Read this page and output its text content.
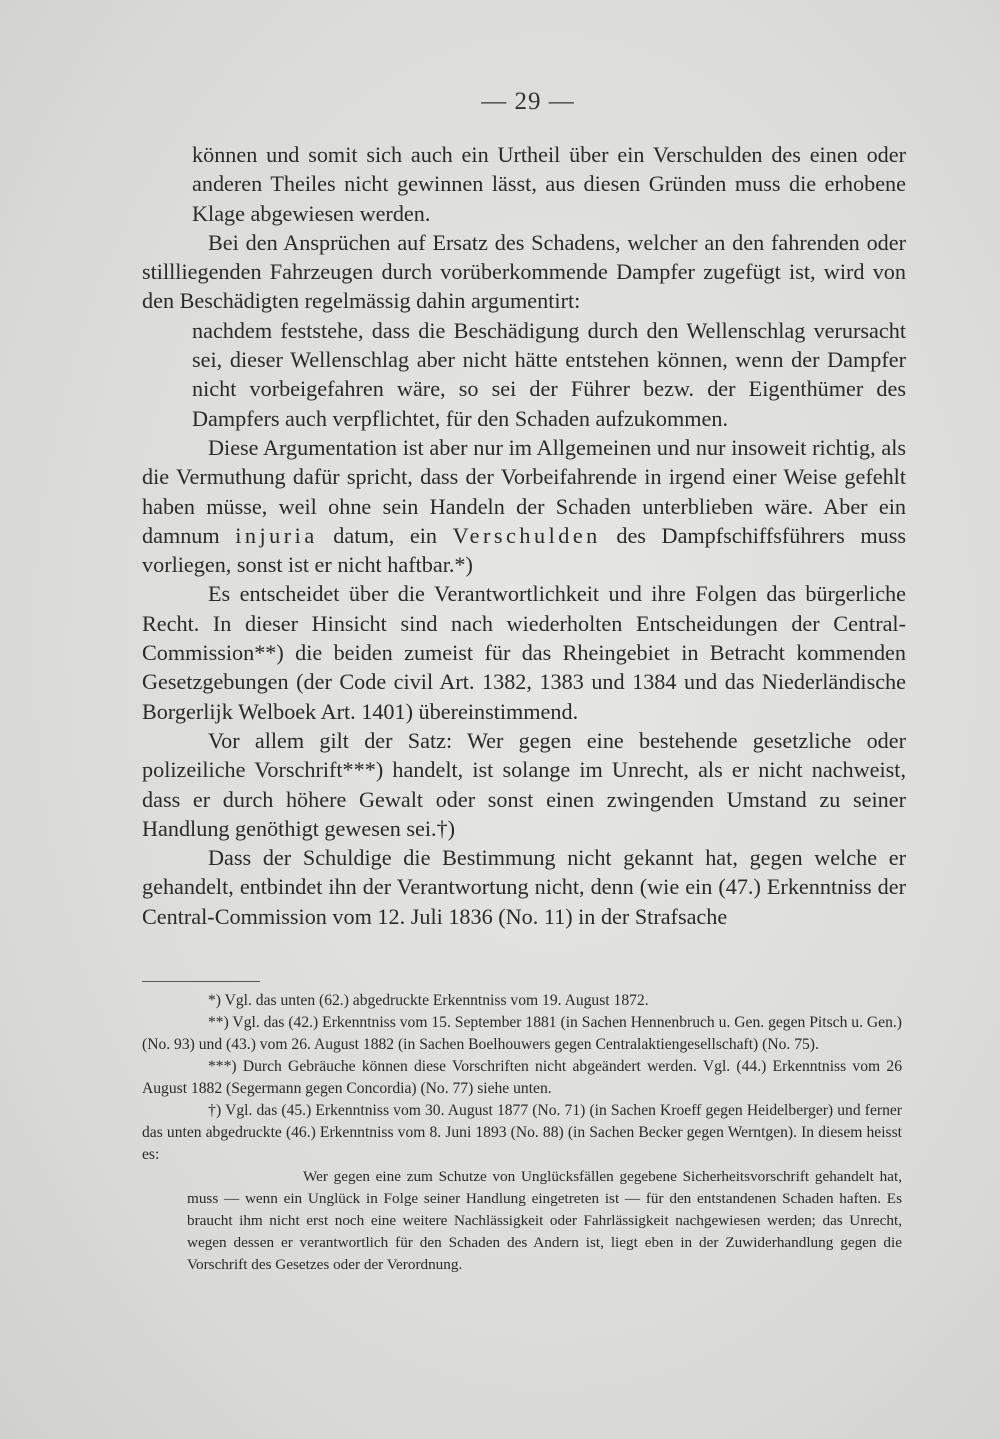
— 29 —

können und somit sich auch ein Urtheil über ein Verschulden des einen oder anderen Theiles nicht gewinnen lässt, aus diesen Gründen muss die erhobene Klage abgewiesen werden.

Bei den Ansprüchen auf Ersatz des Schadens, welcher an den fahrenden oder stillliegenden Fahrzeugen durch vorüberkommende Dampfer zugefügt ist, wird von den Beschädigten regelmässig dahin argumentirt:

nachdem feststehe, dass die Beschädigung durch den Wellenschlag verursacht sei, dieser Wellenschlag aber nicht hätte entstehen können, wenn der Dampfer nicht vorbeigefahren wäre, so sei der Führer bezw. der Eigenthümer des Dampfers auch verpflichtet, für den Schaden aufzukommen.

Diese Argumentation ist aber nur im Allgemeinen und nur insoweit richtig, als die Vermuthung dafür spricht, dass der Vorbeifahrende in irgend einer Weise gefehlt haben müsse, weil ohne sein Handeln der Schaden unterblieben wäre. Aber ein damnum injuria datum, ein Verschulden des Dampfschiffsführers muss vorliegen, sonst ist er nicht haftbar.*)

Es entscheidet über die Verantwortlichkeit und ihre Folgen das bürgerliche Recht. In dieser Hinsicht sind nach wiederholten Entscheidungen der Central-Commission**) die beiden zumeist für das Rheingebiet in Betracht kommenden Gesetzgebungen (der Code civil Art. 1382, 1383 und 1384 und das Niederländische Borgerlijk Welboek Art. 1401) übereinstimmend.

Vor allem gilt der Satz: Wer gegen eine bestehende gesetzliche oder polizeiliche Vorschrift***) handelt, ist solange im Unrecht, als er nicht nachweist, dass er durch höhere Gewalt oder sonst einen zwingenden Umstand zu seiner Handlung genöthigt gewesen sei.†)

Dass der Schuldige die Bestimmung nicht gekannt hat, gegen welche er gehandelt, entbindet ihn der Verantwortung nicht, denn (wie ein (47.) Erkenntniss der Central-Commission vom 12. Juli 1836 (No. 11) in der Strafsache

*) Vgl. das unten (62.) abgedruckte Erkenntniss vom 19. August 1872.

**) Vgl. das (42.) Erkenntniss vom 15. September 1881 (in Sachen Hennenbruch u. Gen. gegen Pitsch u. Gen.) (No. 93) und (43.) vom 26. August 1882 (in Sachen Boelhouwers gegen Centralaktiengesellschaft) (No. 75).

***) Durch Gebräuche können diese Vorschriften nicht abgeändert werden. Vgl. (44.) Erkenntniss vom 26 August 1882 (Segermann gegen Concordia) (No. 77) siehe unten.

†) Vgl. das (45.) Erkenntniss vom 30. August 1877 (No. 71) (in Sachen Kroeff gegen Heidelberger) und ferner das unten abgedruckte (46.) Erkenntniss vom 8. Juni 1893 (No. 88) (in Sachen Becker gegen Werntgen). In diesem heisst es:

Wer gegen eine zum Schutze von Unglücksfällen gegebene Sicherheitsvorschrift gehandelt hat, muss — wenn ein Unglück in Folge seiner Handlung eingetreten ist — für den entstandenen Schaden haften. Es braucht ihm nicht erst noch eine weitere Nachlässigkeit oder Fahrlässigkeit nachgewiesen werden; das Unrecht, wegen dessen er verantwortlich für den Schaden des Andern ist, liegt eben in der Zuwiderhandlung gegen die Vorschrift des Gesetzes oder der Verordnung.
